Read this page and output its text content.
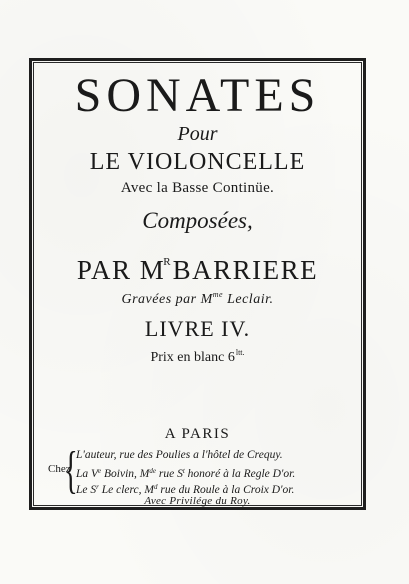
SONATES
Pour
LE VIOLONCELLE
Avec la Basse Continüe.
Composées,
PAR $M^RBARRIERE$
Gravées par $M^{me}$ Leclair.
LIVRE IV.
Prix en blanc $6^{ltt.}$
A PARIS
Chez
{
L'auteur, rue des Poulies a l'hôtel de Crequy.
La Ve Boivin, Mde rue $S^t$ honoré à la Regle D'or.
Le $S^r$ Le clerc, $M^d$ rue du Roule à la Croix D'or.
Avec Privilége du Roy.
